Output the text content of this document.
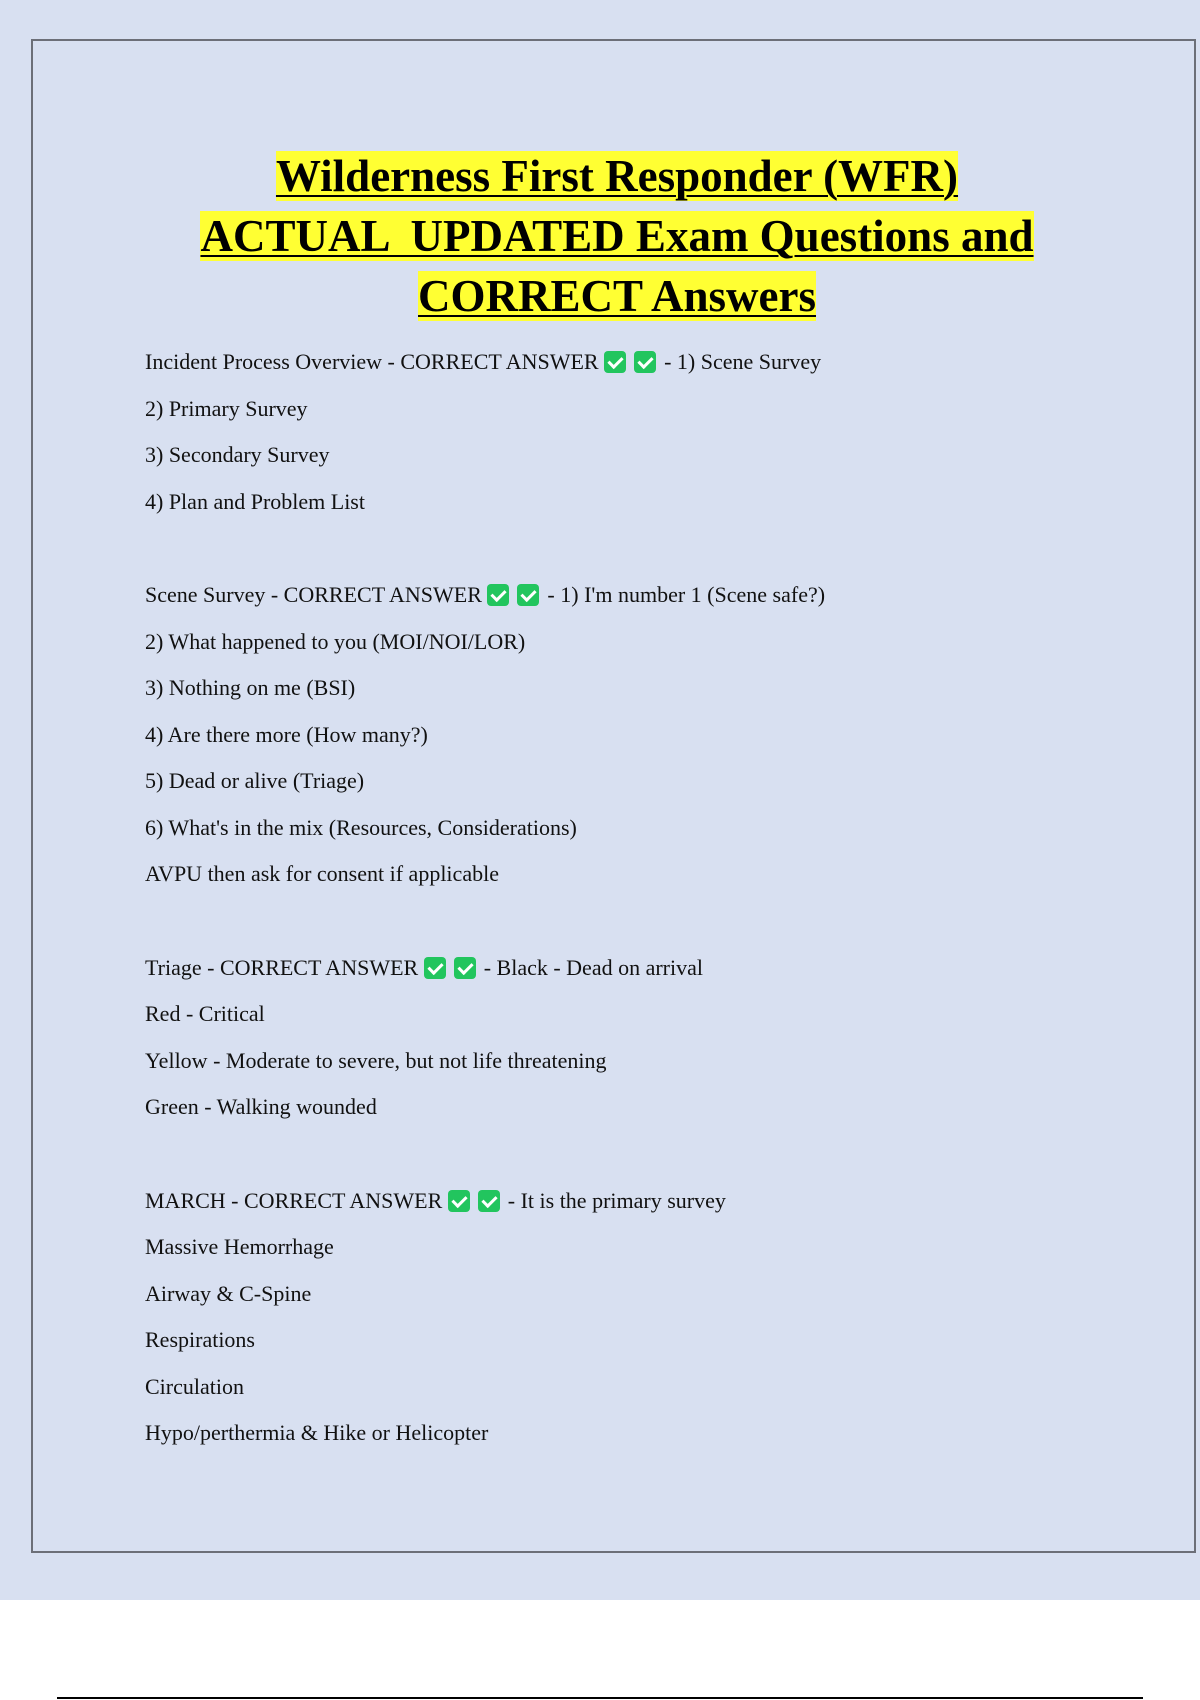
Wilderness First Responder (WFR)
ACTUAL  UPDATED Exam Questions and
CORRECT Answers
Incident Process Overview - CORRECT ANSWER	- 1) Scene Survey
2) Primary Survey
3) Secondary Survey
4) Plan and Problem List
Scene Survey - CORRECT ANSWER	- 1) I'm number 1 (Scene safe?)
2) What happened to you (MOI/NOI/LOR)
3) Nothing on me (BSI)
4) Are there more (How many?)
5) Dead or alive (Triage)
6) What's in the mix (Resources, Considerations)
AVPU then ask for consent if applicable
Triage - CORRECT ANSWER	- Black - Dead on arrival
Red - Critical
Yellow - Moderate to severe, but not life threatening
Green - Walking wounded
MARCH - CORRECT ANSWER	- It is the primary survey
Massive Hemorrhage
Airway & C-Spine
Respirations
Circulation
Hypo/perthermia & Hike or Helicopter
